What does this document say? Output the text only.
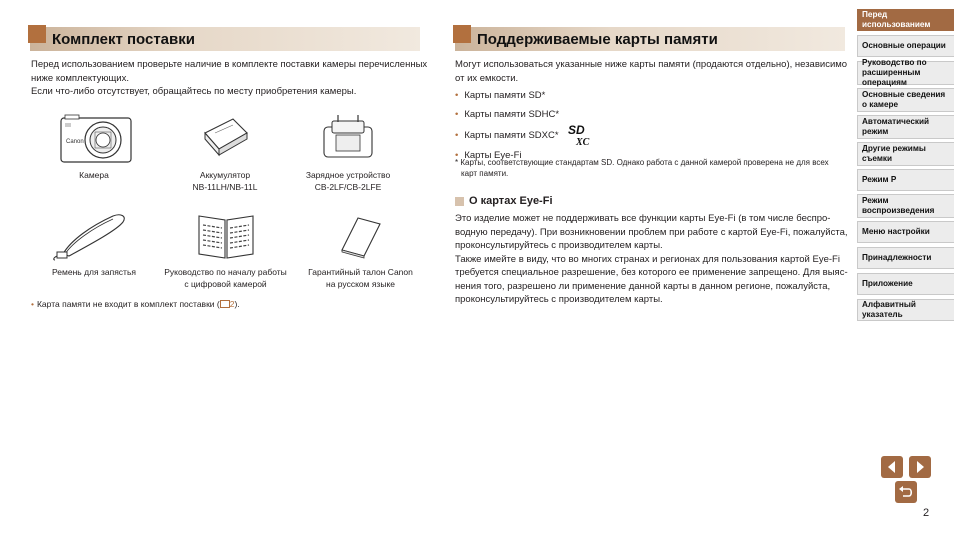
Комплект поставки
Перед использованием проверьте наличие в комплекте поставки камеры перечисленных
ниже комплектующих.
Если что-либо отсутствует, обращайтесь по месту приобретения камеры.
Canon
Камера	Аккумулятор
NB-11LH/NB-11L
Зарядное устройство
CB-2LF/CB-2LFE
Ремень для запястья	Руководство по началу работы
с цифровой камерой
Гарантийный талон Canon
на русском языке
• Карта памяти не входит в комплект поставки ( 2).
Поддерживаемые карты памяти
Могут использоваться указанные ниже карты памяти (продаются отдельно), независимо
от их емкости.
• Карты памяти SD*
• Карты памяти SDHC*
• Карты памяти SDXC* SD
XC
• Карты Eye-Fi
* Карты, соответствующие стандартам SD. Однако работа с данной камерой проверена не для всех
карт памяти.
О картах Eye-Fi
Это изделие может не поддерживать все функции карты Eye-Fi (в том числе беспро-
водную передачу). При возникновении проблем при работе с картой Eye-Fi, пожалуйста,
проконсультируйтесь с производителем карты.
Также имейте в виду, что во многих странах и регионах для пользования картой Eye-Fi
требуется специальное разрешение, без которого ее применение запрещено. Для выяс-
нения того, разрешено ли применение данной карты в данном регионе, пожалуйста,
проконсультируйтесь с производителем карты.
Перед использованием
Основные операции
Руководство по расширенным операциям
Основные сведения о камере
Автоматический режим
Другие режимы съемки
Режим P
Режим воспроизведения
Меню настройки
Принадлежности
Приложение
Алфавитный указатель
2
